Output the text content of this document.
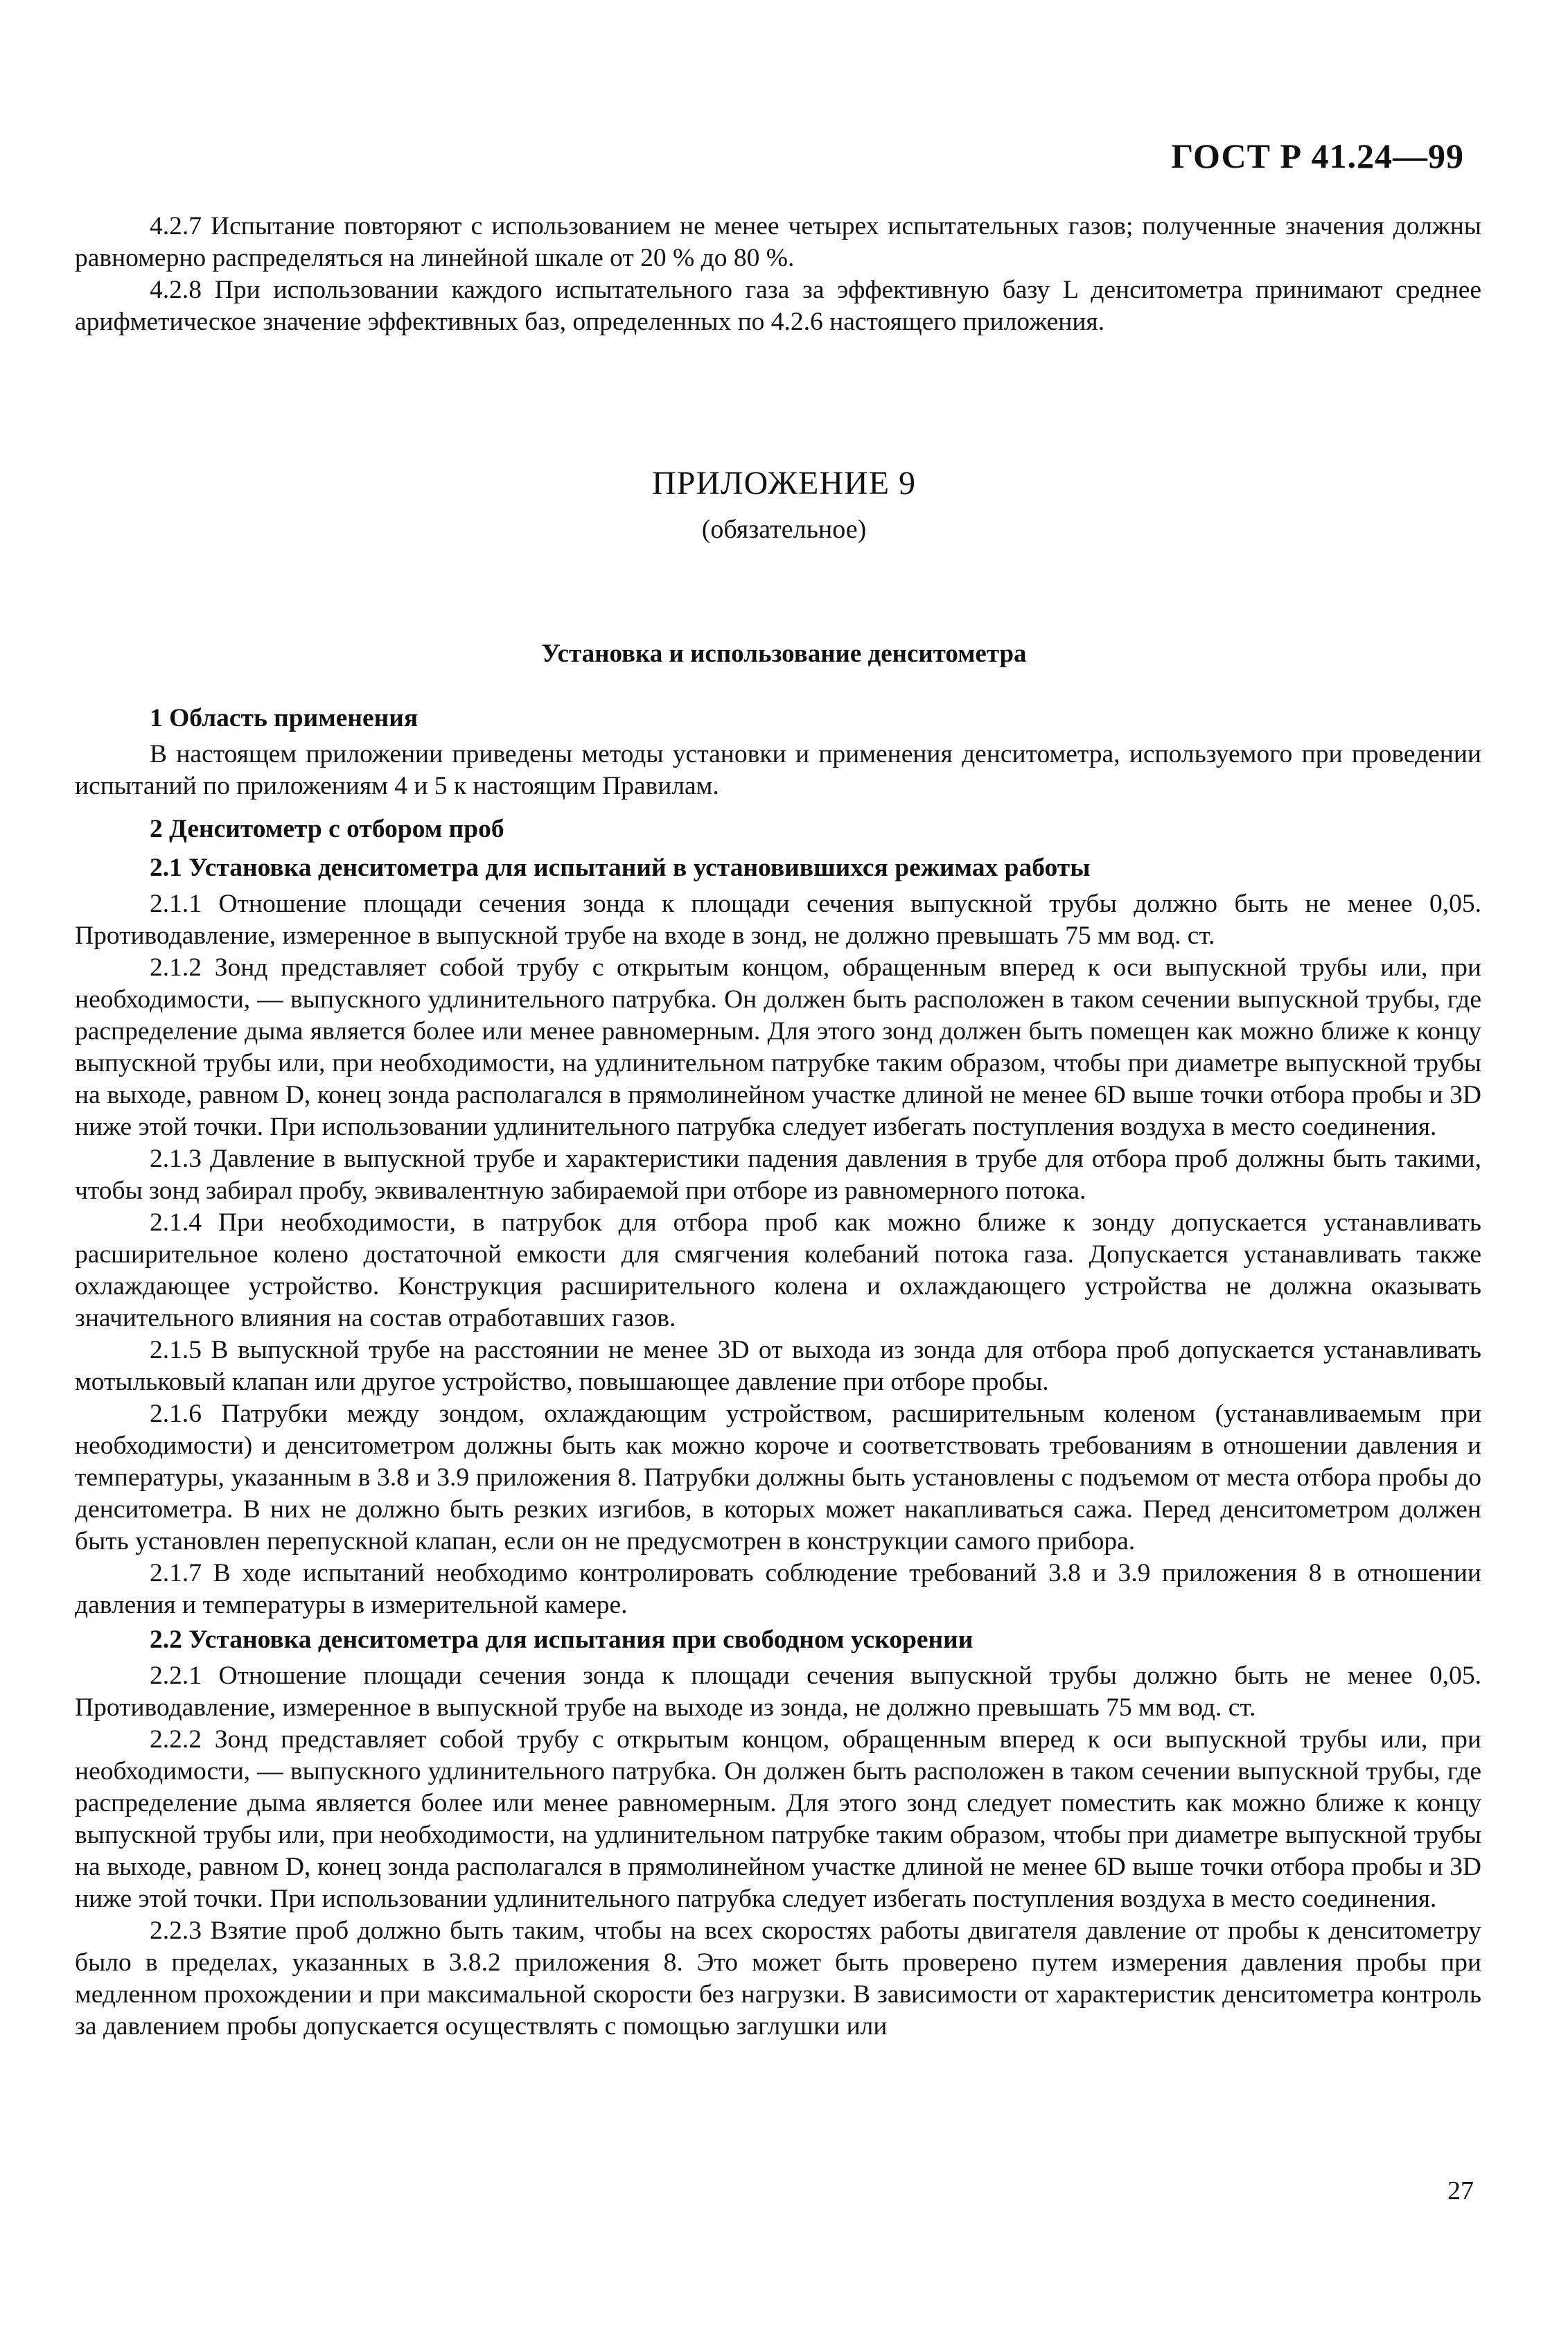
ГОСТ Р 41.24—99

4.2.7 Испытание повторяют с использованием не менее четырех испытательных газов; полученные значения должны равномерно распределяться на линейной шкале от 20 % до 80 %.

4.2.8 При использовании каждого испытательного газа за эффективную базу L денситометра принимают среднее арифметическое значение эффективных баз, определенных по 4.2.6 настоящего приложения.

ПРИЛОЖЕНИЕ 9
(обязательное)
Установка и использование денситометра
1 Область применения

В настоящем приложении приведены методы установки и применения денситометра, используемого при проведении испытаний по приложениям 4 и 5 к настоящим Правилам.

2 Денситометр с отбором проб
2.1 Установка денситометра для испытаний в установившихся режимах работы

2.1.1 Отношение площади сечения зонда к площади сечения выпускной трубы должно быть не менее 0,05. Противодавление, измеренное в выпускной трубе на входе в зонд, не должно превышать 75 мм вод. ст.

2.1.2 Зонд представляет собой трубу с открытым концом, обращенным вперед к оси выпускной трубы или, при необходимости, — выпускного удлинительного патрубка. Он должен быть расположен в таком сечении выпускной трубы, где распределение дыма является более или менее равномерным. Для этого зонд должен быть помещен как можно ближе к концу выпускной трубы или, при необходимости, на удлинительном патрубке таким образом, чтобы при диаметре выпускной трубы на выходе, равном D, конец зонда располагался в прямолинейном участке длиной не менее 6D выше точки отбора пробы и 3D ниже этой точки. При использовании удлинительного патрубка следует избегать поступления воздуха в место соединения.

2.1.3 Давление в выпускной трубе и характеристики падения давления в трубе для отбора проб должны быть такими, чтобы зонд забирал пробу, эквивалентную забираемой при отборе из равномерного потока.

2.1.4 При необходимости, в патрубок для отбора проб как можно ближе к зонду допускается устанавливать расширительное колено достаточной емкости для смягчения колебаний потока газа. Допускается устанавливать также охлаждающее устройство. Конструкция расширительного колена и охлаждающего устройства не должна оказывать значительного влияния на состав отработавших газов.

2.1.5 В выпускной трубе на расстоянии не менее 3D от выхода из зонда для отбора проб допускается устанавливать мотыльковый клапан или другое устройство, повышающее давление при отборе пробы.

2.1.6 Патрубки между зондом, охлаждающим устройством, расширительным коленом (устанавливаемым при необходимости) и денситометром должны быть как можно короче и соответствовать требованиям в отношении давления и температуры, указанным в 3.8 и 3.9 приложения 8. Патрубки должны быть установлены с подъемом от места отбора пробы до денситометра. В них не должно быть резких изгибов, в которых может накапливаться сажа. Перед денситометром должен быть установлен перепускной клапан, если он не предусмотрен в конструкции самого прибора.

2.1.7 В ходе испытаний необходимо контролировать соблюдение требований 3.8 и 3.9 приложения 8 в отношении давления и температуры в измерительной камере.

2.2 Установка денситометра для испытания при свободном ускорении

2.2.1 Отношение площади сечения зонда к площади сечения выпускной трубы должно быть не менее 0,05. Противодавление, измеренное в выпускной трубе на выходе из зонда, не должно превышать 75 мм вод. ст.

2.2.2 Зонд представляет собой трубу с открытым концом, обращенным вперед к оси выпускной трубы или, при необходимости, — выпускного удлинительного патрубка. Он должен быть расположен в таком сечении выпускной трубы, где распределение дыма является более или менее равномерным. Для этого зонд следует поместить как можно ближе к концу выпускной трубы или, при необходимости, на удлинительном патрубке таким образом, чтобы при диаметре выпускной трубы на выходе, равном D, конец зонда располагался в прямолинейном участке длиной не менее 6D выше точки отбора пробы и 3D ниже этой точки. При использовании удлинительного патрубка следует избегать поступления воздуха в место соединения.

2.2.3 Взятие проб должно быть таким, чтобы на всех скоростях работы двигателя давление от пробы к денситометру было в пределах, указанных в 3.8.2 приложения 8. Это может быть проверено путем измерения давления пробы при медленном прохождении и при максимальной скорости без нагрузки. В зависимости от характеристик денситометра контроль за давлением пробы допускается осуществлять с помощью заглушки или

27
